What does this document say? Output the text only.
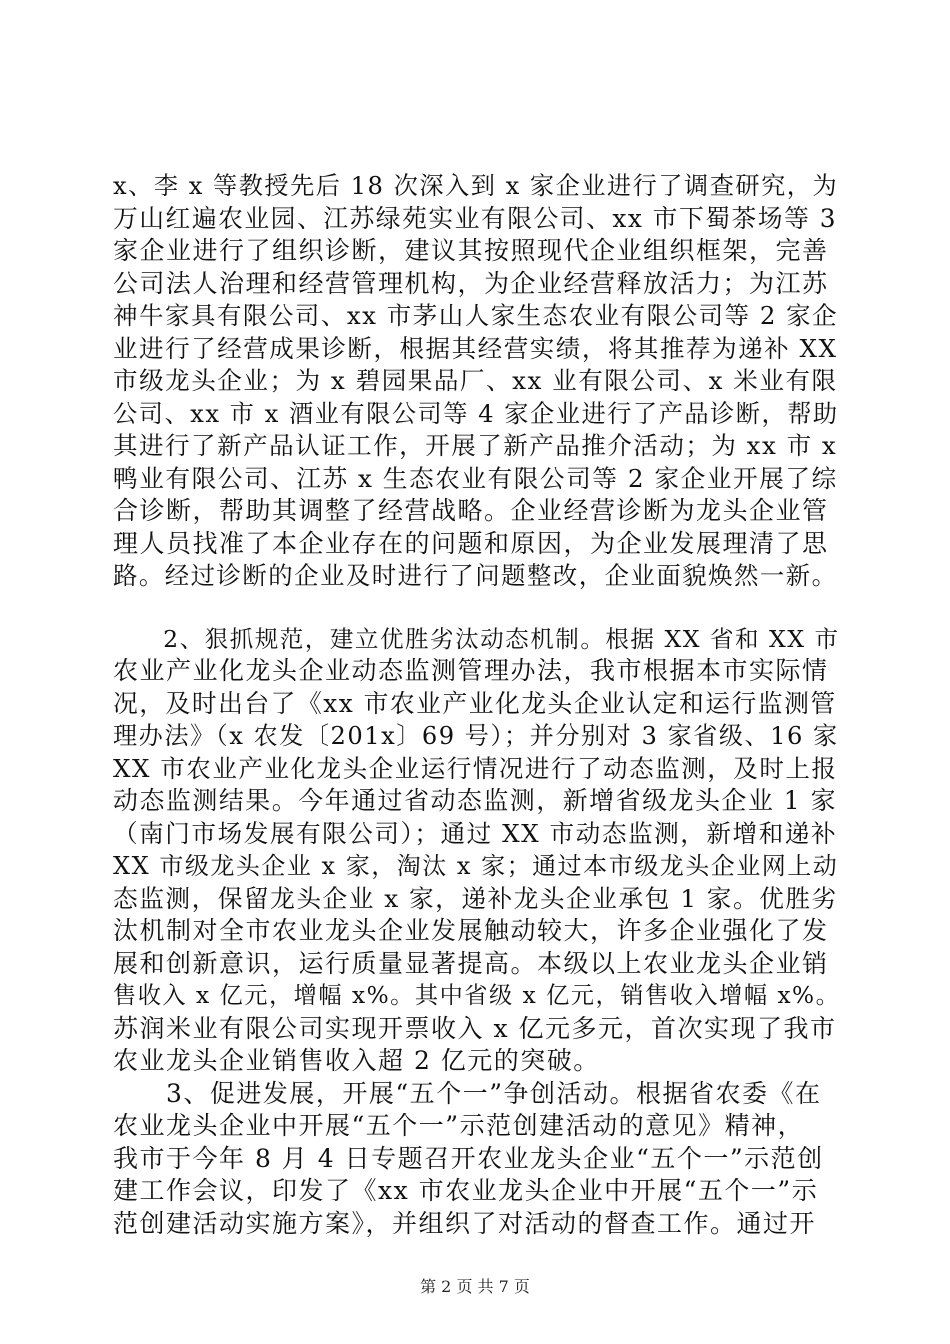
x、李 x 等教授先后 18 次深入到 x 家企业进行了调查研究，为
万山红遍农业园、江苏绿苑实业有限公司、xx 市下蜀茶场等 3
家企业进行了组织诊断，建议其按照现代企业组织框架，完善
公司法人治理和经营管理机构，为企业经营释放活力；为江苏
神牛家具有限公司、xx 市茅山人家生态农业有限公司等 2 家企
业进行了经营成果诊断，根据其经营实绩，将其推荐为递补 XX
市级龙头企业；为 x 碧园果品厂、xx 业有限公司、x 米业有限
公司、xx 市 x 酒业有限公司等 4 家企业进行了产品诊断，帮助
其进行了新产品认证工作，开展了新产品推介活动；为 xx 市 x
鸭业有限公司、江苏 x 生态农业有限公司等 2 家企业开展了综
合诊断，帮助其调整了经营战略。企业经营诊断为龙头企业管
理人员找准了本企业存在的问题和原因，为企业发展理清了思
路。经过诊断的企业及时进行了问题整改，企业面貌焕然一新。
　　2、狠抓规范，建立优胜劣汰动态机制。根据 XX 省和 XX 市
农业产业化龙头企业动态监测管理办法，我市根据本市实际情
况，及时出台了《xx 市农业产业化龙头企业认定和运行监测管
理办法》（x 农发〔201x〕69 号）；并分别对 3 家省级、16 家
XX 市农业产业化龙头企业运行情况进行了动态监测，及时上报
动态监测结果。今年通过省动态监测，新增省级龙头企业 1 家
（南门市场发展有限公司）；通过 XX 市动态监测，新增和递补
XX 市级龙头企业 x 家，淘汰 x 家；通过本市级龙头企业网上动
态监测，保留龙头企业 x 家，递补龙头企业承包 1 家。优胜劣
汰机制对全市农业龙头企业发展触动较大，许多企业强化了发
展和创新意识，运行质量显著提高。本级以上农业龙头企业销
售收入 x 亿元，增幅 x%。其中省级 x 亿元，销售收入增幅 x%。
苏润米业有限公司实现开票收入 x 亿元多元，首次实现了我市
农业龙头企业销售收入超 2 亿元的突破。
　　3、促进发展，开展“五个一”争创活动。根据省农委《在
农业龙头企业中开展“五个一”示范创建活动的意见》精神，
我市于今年 8 月 4 日专题召开农业龙头企业“五个一”示范创
建工作会议，印发了《xx 市农业龙头企业中开展“五个一”示
范创建活动实施方案》，并组织了对活动的督查工作。通过开
第 2 页 共 7 页
